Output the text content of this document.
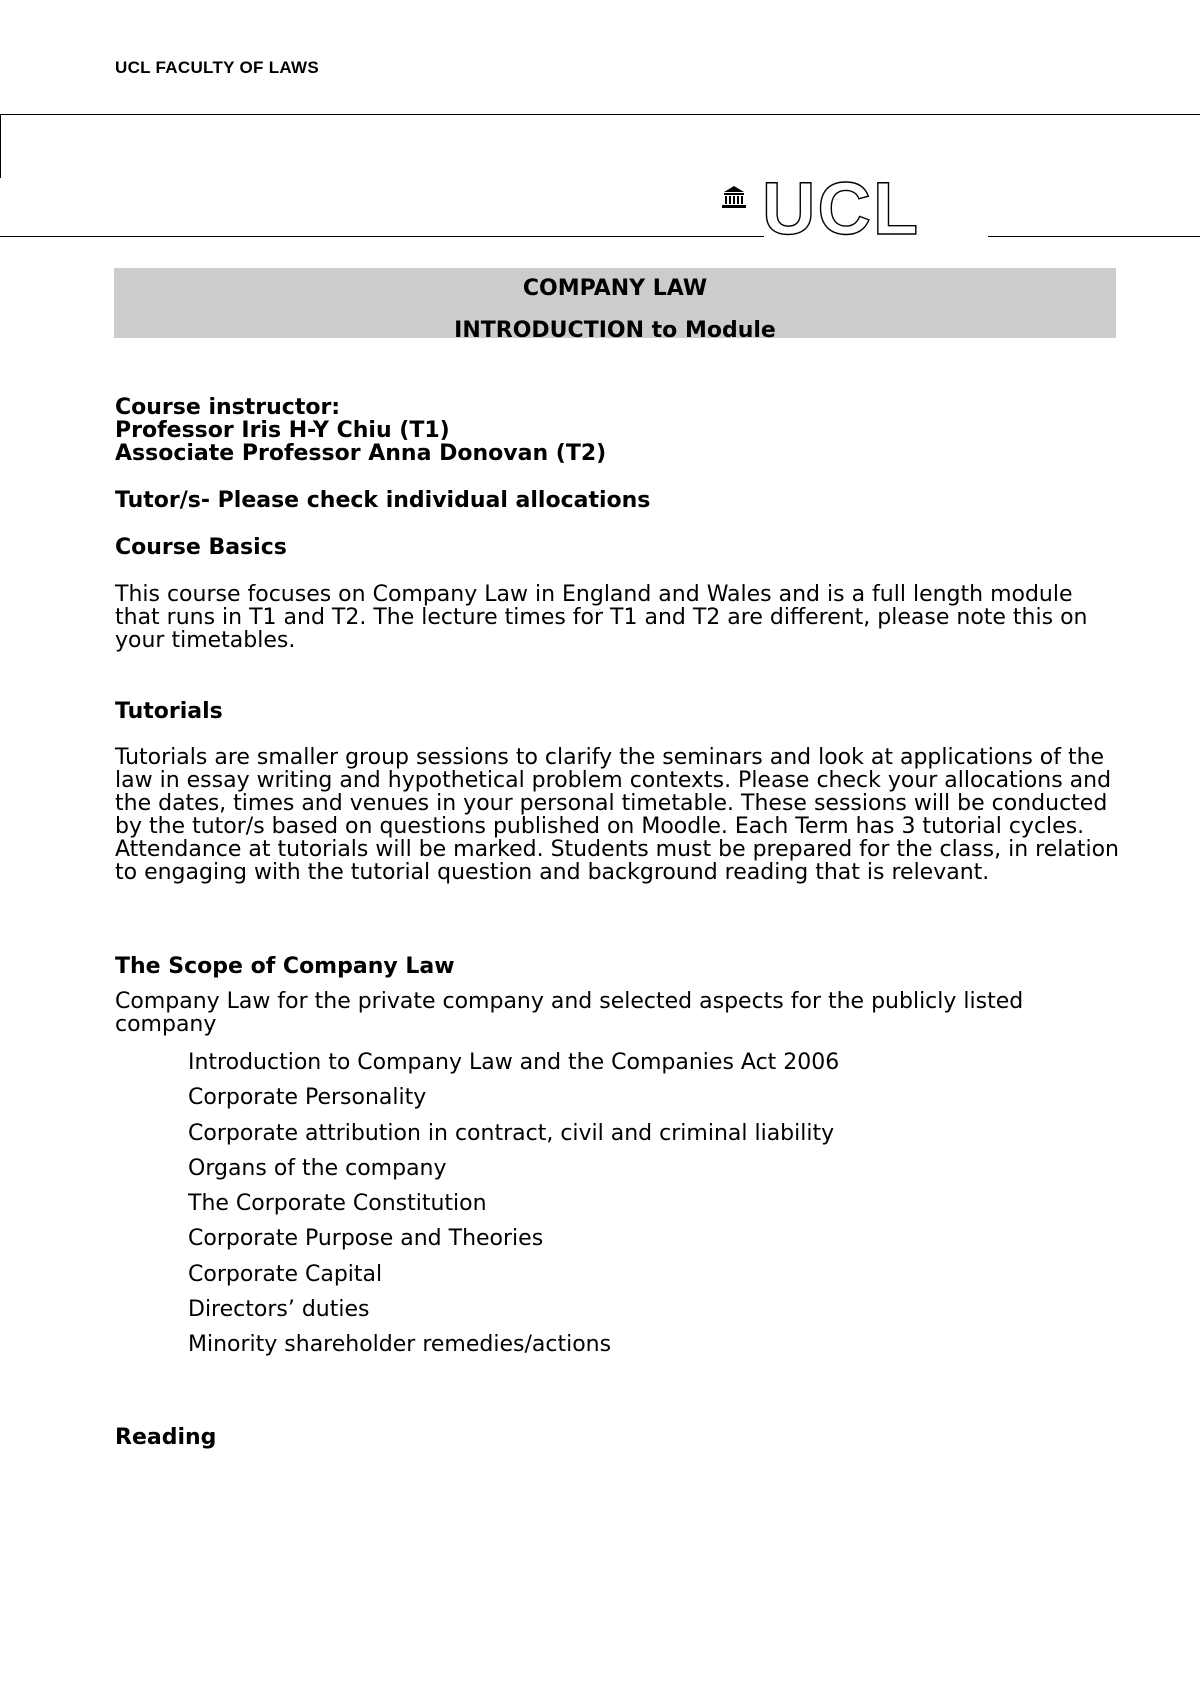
UCL FACULTY OF LAWS
UCL
COMPANY LAW
INTRODUCTION to Module
Course instructor:
Professor Iris H-Y Chiu (T1)
Associate Professor Anna Donovan (T2)
Tutor/s- Please check individual allocations
Course Basics

This course focuses on Company Law in England and Wales and is a full length module that runs in T1 and T2. The lecture times for T1 and T2 are different, please note this on your timetables.

Tutorials

Tutorials are smaller group sessions to clarify the seminars and look at applications of the law in essay writing and hypothetical problem contexts. Please check your allocations and the dates, times and venues in your personal timetable. These sessions will be conducted by the tutor/s based on questions published on Moodle. Each Term has 3 tutorial cycles. Attendance at tutorials will be marked. Students must be prepared for the class, in relation to engaging with the tutorial question and background reading that is relevant.

The Scope of Company Law

Company Law for the private company and selected aspects for the publicly listed company

Introduction to Company Law and the Companies Act 2006
Corporate Personality
Corporate attribution in contract, civil and criminal liability
Organs of the company
The Corporate Constitution
Corporate Purpose and Theories
Corporate Capital
Directors’ duties
Minority shareholder remedies/actions
Reading
